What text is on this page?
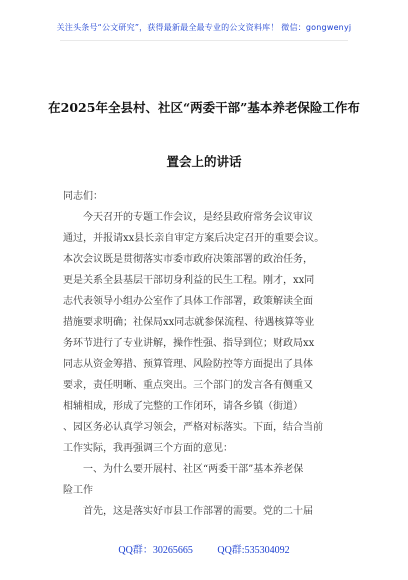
关注头条号“公文研究”，获得最新最全最专业的公文资料库！ 微信：gongwenyj
在2025年全县村、社区“两委干部”基本养老保险工作布
置会上的讲话

同志们：

　　今天召开的专题工作会议，是经县政府常务会议审议

通过，并报请xx县长亲自审定方案后决定召开的重要会议。

本次会议既是贯彻落实市委市政府决策部署的政治任务，

更是关系全县基层干部切身利益的民生工程。刚才，xx同

志代表领导小组办公室作了具体工作部署，政策解读全面

措施要求明确；社保局xx同志就参保流程、待遇核算等业

务环节进行了专业讲解，操作性强、指导到位；财政局xx

同志从资金筹措、预算管理、风险防控等方面提出了具体

要求，责任明晰、重点突出。三个部门的发言各有侧重又

相辅相成，形成了完整的工作闭环，请各乡镇（街道）

、园区务必认真学习领会，严格对标落实。下面，结合当前

工作实际，我再强调三个方面的意见：

　　一、为什么要开展村、社区“两委干部”基本养老保

险工作

　　首先，这是落实好市县工作部署的需要。党的二十届

QQ群：30265665 QQ群:535304092
